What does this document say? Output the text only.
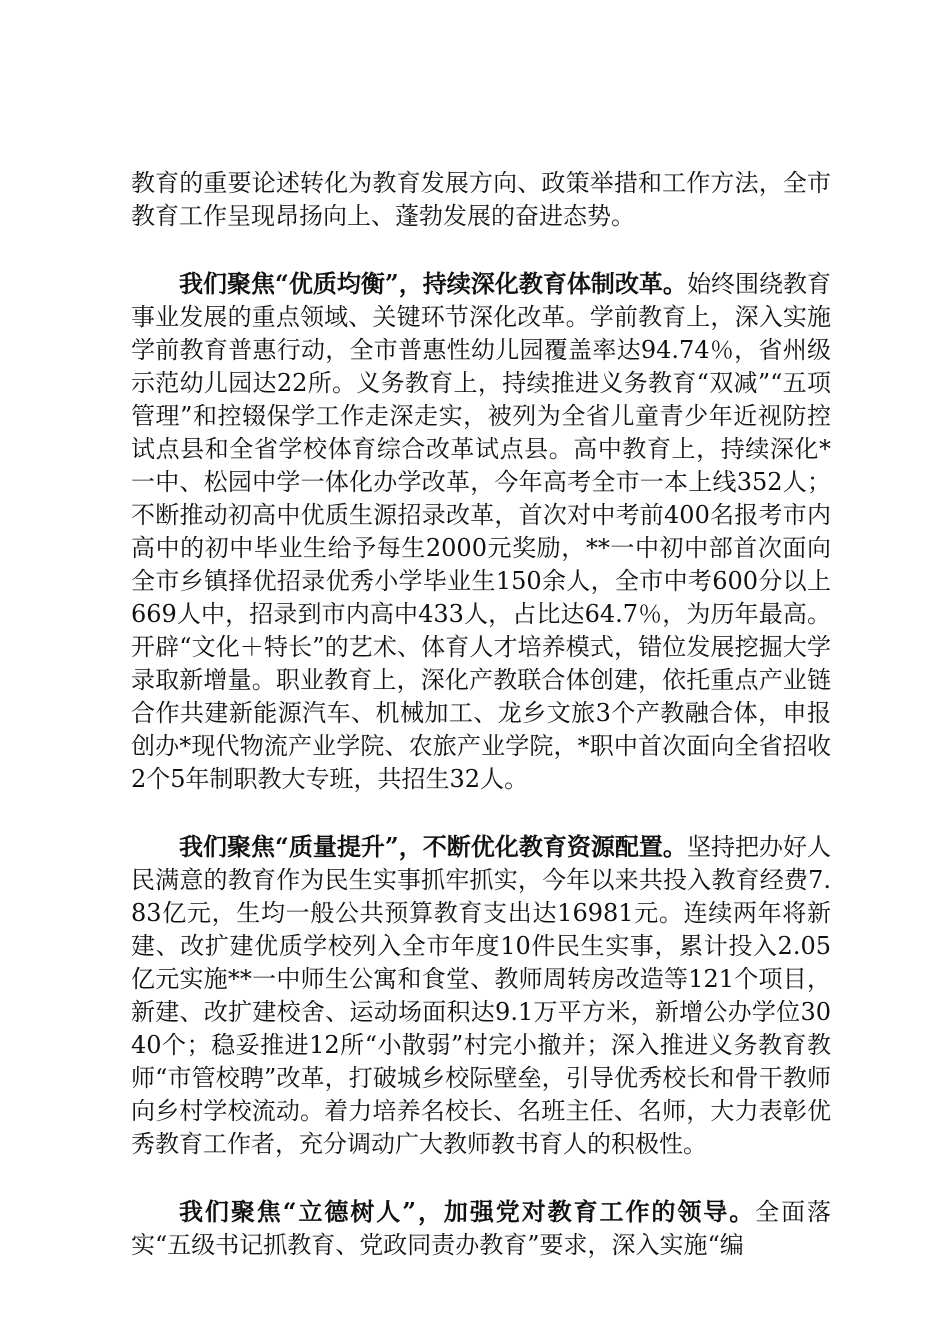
教育的重要论述转化为教育发展方向、政策举措和工作方法，全市教育工作呈现昂扬向上、蓬勃发展的奋进态势。

我们聚焦“优质均衡”，持续深化教育体制改革。始终围绕教育事业发展的重点领域、关键环节深化改革。学前教育上，深入实施学前教育普惠行动，全市普惠性幼儿园覆盖率达94.74％，省州级示范幼儿园达22所。义务教育上，持续推进义务教育“双减”“五项管理”和控辍保学工作走深走实，被列为全省儿童青少年近视防控试点县和全省学校体育综合改革试点县。高中教育上，持续深化*一中、松园中学一体化办学改革，今年高考全市一本上线352人；不断推动初高中优质生源招录改革，首次对中考前400名报考市内高中的初中毕业生给予每生2000元奖励，**一中初中部首次面向全市乡镇择优招录优秀小学毕业生150余人，全市中考600分以上669人中，招录到市内高中433人，占比达64.7％，为历年最高。开辟“文化＋特长”的艺术、体育人才培养模式，错位发展挖掘大学录取新增量。职业教育上，深化产教联合体创建，依托重点产业链合作共建新能源汽车、机械加工、龙乡文旅3个产教融合体，申报创办*现代物流产业学院、农旅产业学院，*职中首次面向全省招收2个5年制职教大专班，共招生32人。

我们聚焦“质量提升”，不断优化教育资源配置。坚持把办好人民满意的教育作为民生实事抓牢抓实，今年以来共投入教育经费7.83亿元，生均一般公共预算教育支出达16981元。连续两年将新建、改扩建优质学校列入全市年度10件民生实事，累计投入2.05亿元实施**一中师生公寓和食堂、教师周转房改造等121个项目，新建、改扩建校舍、运动场面积达9.1万平方米，新增公办学位3040个；稳妥推进12所“小散弱”村完小撤并；深入推进义务教育教师“市管校聘”改革，打破城乡校际壁垒，引导优秀校长和骨干教师向乡村学校流动。着力培养名校长、名班主任、名师，大力表彰优秀教育工作者，充分调动广大教师教书育人的积极性。

我们聚焦“立德树人”，加强党对教育工作的领导。全面落实“五级书记抓教育、党政同责办教育”要求，深入实施“编
